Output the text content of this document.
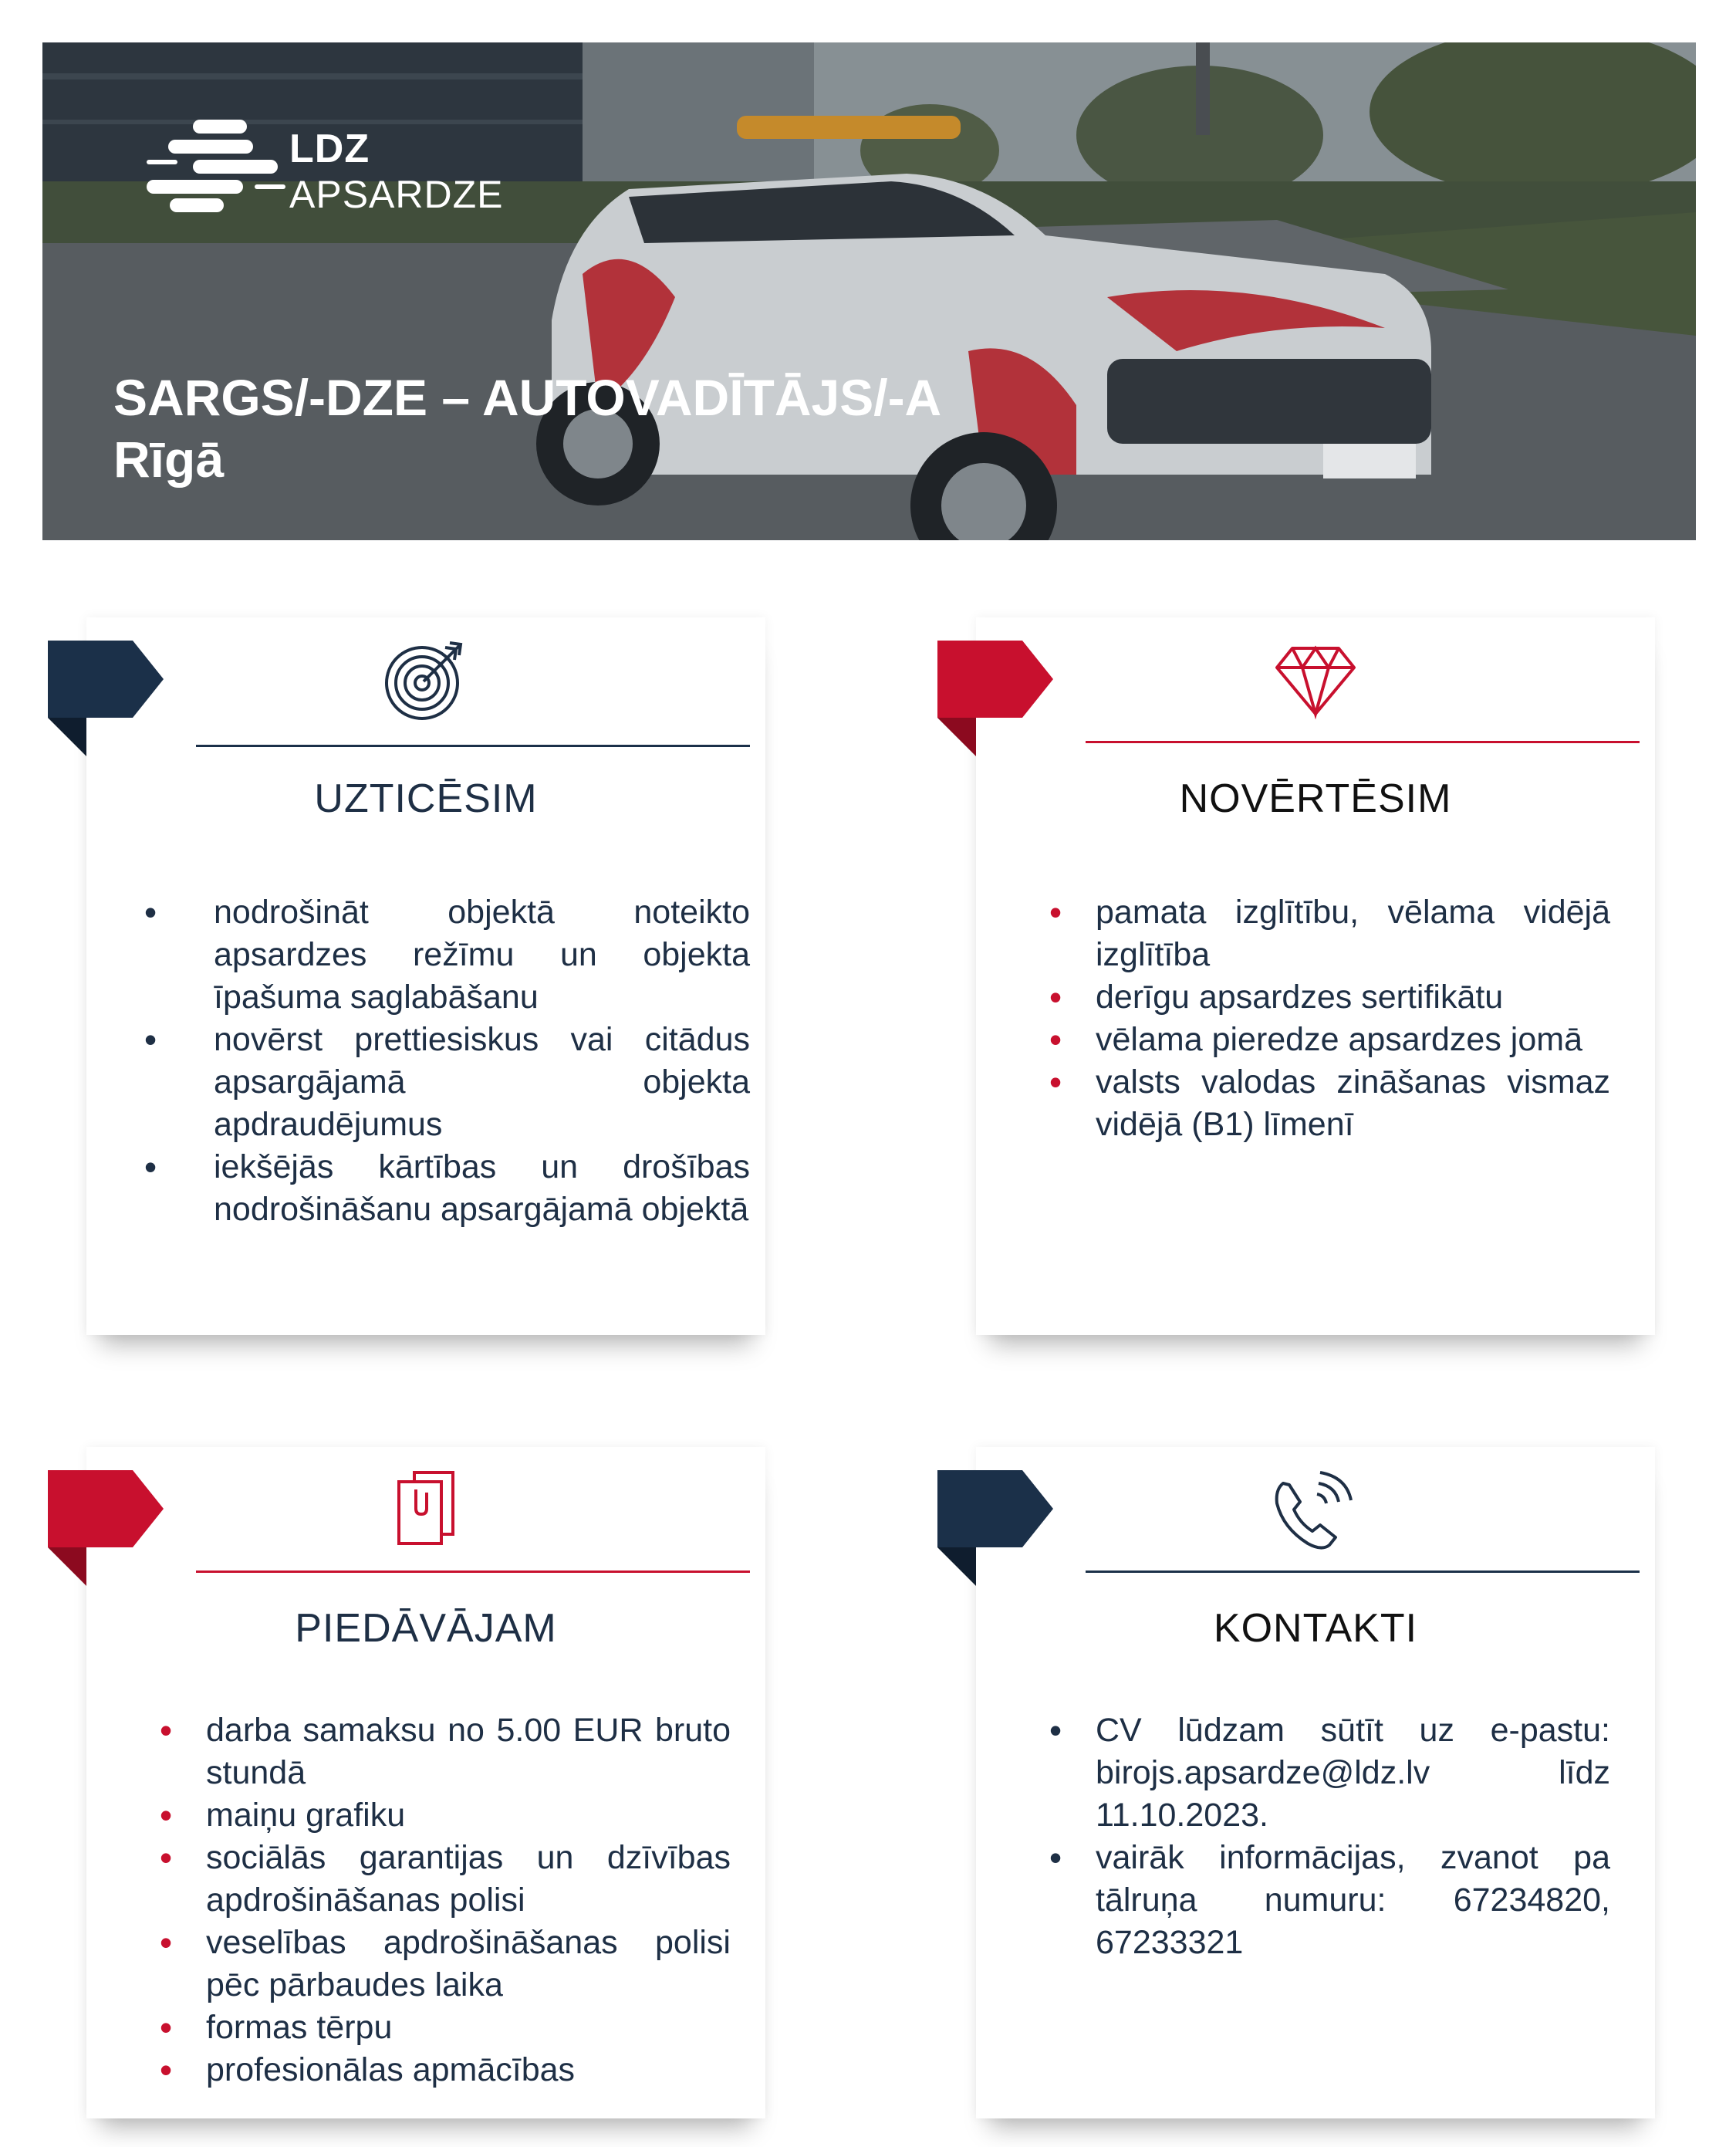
LDZ
APSARDZE
SARGS/-DZE – AUTOVADĪTĀJS/-A
Rīgā
UZTICĒSIM
• nodrošināt objektā noteikto apsardzes režīmu un objekta īpašuma saglabāšanu
• novērst prettiesiskus vai citādus apsargājamā objekta apdraudējumus
• iekšējās kārtības un drošības nodrošināšanu apsargājamā objektā
NOVĒRTĒSIM
• pamata izglītību, vēlama vidējā izglītība
• derīgu apsardzes sertifikātu
• vēlama pieredze apsardzes jomā
• valsts valodas zināšanas vismaz vidējā (B1) līmenī
PIEDĀVĀJAM
• darba samaksu no 5.00 EUR bruto stundā
• maiņu grafiku
• sociālās garantijas un dzīvības apdrošināšanas polisi
• veselības apdrošināšanas polisi pēc pārbaudes laika
• formas tērpu
• profesionālas apmācības
KONTAKTI
• CV lūdzam sūtīt uz e-pastu: birojs.apsardze@ldz.lv līdz 11.10.2023.
• vairāk informācijas, zvanot pa tālruņa numuru: 67234820, 67233321
